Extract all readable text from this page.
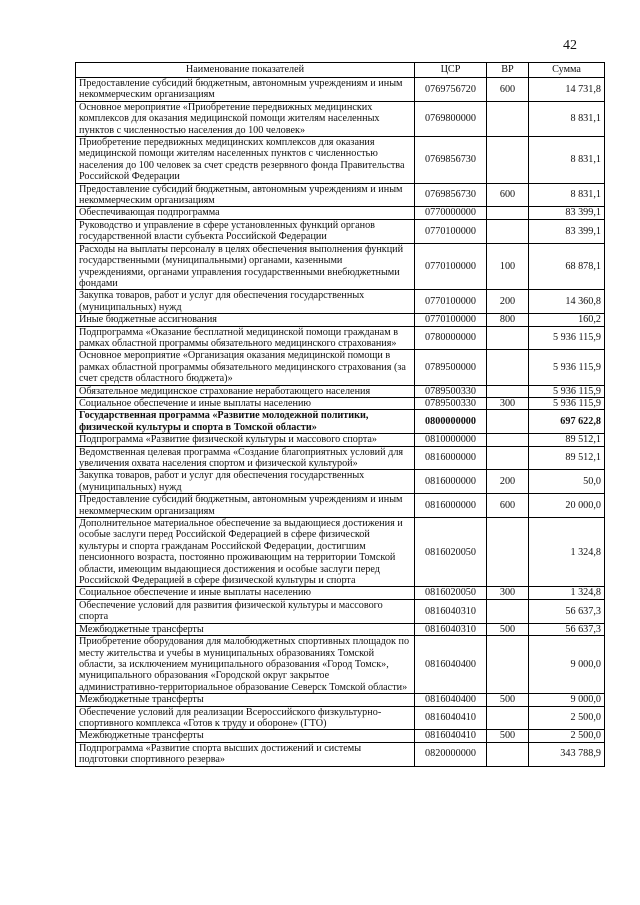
42
Наименование показателей	ЦСР	ВР	Сумма
Предоставление субсидий бюджетным, автономным учреждениям и иным некоммерческим организациям	0769756720	600	14 731,8
Основное мероприятие «Приобретение передвижных медицинских комплексов для оказания медицинской помощи жителям населенных пунктов с численностью населения до 100 человек»	0769800000		8 831,1
Приобретение передвижных медицинских комплексов для оказания медицинской помощи жителям населенных пунктов с численностью населения до 100 человек за счет средств резервного фонда Правительства Российской Федерации	0769856730		8 831,1
Предоставление субсидий бюджетным, автономным учреждениям и иным некоммерческим организациям	0769856730	600	8 831,1
Обеспечивающая подпрограмма	0770000000		83 399,1
Руководство и управление в сфере установленных функций органов государственной власти субъекта Российской Федерации	0770100000		83 399,1
Расходы на выплаты персоналу в целях обеспечения выполнения функций государственными (муниципальными) органами, казенными учреждениями, органами управления государственными внебюджетными фондами	0770100000	100	68 878,1
Закупка товаров, работ и услуг для обеспечения государственных (муниципальных) нужд	0770100000	200	14 360,8
Иные бюджетные ассигнования	0770100000	800	160,2
Подпрограмма «Оказание бесплатной медицинской помощи гражданам в рамках областной программы обязательного медицинского страхования»	0780000000		5 936 115,9
Основное мероприятие «Организация оказания медицинской помощи в рамках областной программы обязательного медицинского страхования (за счет средств областного бюджета)»	0789500000		5 936 115,9
Обязательное медицинское страхование неработающего населения	0789500330		5 936 115,9
Социальное обеспечение и иные выплаты населению	0789500330	300	5 936 115,9
Государственная программа «Развитие молодежной политики, физической культуры и спорта в Томской области»	0800000000		697 622,8
Подпрограмма «Развитие физической культуры и массового спорта»	0810000000		89 512,1
Ведомственная целевая программа «Создание благоприятных условий для увеличения охвата населения спортом и физической культурой»	0816000000		89 512,1
Закупка товаров, работ и услуг для обеспечения государственных (муниципальных) нужд	0816000000	200	50,0
Предоставление субсидий бюджетным, автономным учреждениям и иным некоммерческим организациям	0816000000	600	20 000,0
Дополнительное материальное обеспечение за выдающиеся достижения и особые заслуги перед Российской Федерацией в сфере физической культуры и спорта гражданам Российской Федерации, достигшим пенсионного возраста, постоянно проживающим на территории Томской области, имеющим выдающиеся достижения и особые заслуги перед Российской Федерацией в сфере физической культуры и спорта	0816020050		1 324,8
Социальное обеспечение и иные выплаты населению	0816020050	300	1 324,8
Обеспечение условий для развития физической культуры и массового спорта	0816040310		56 637,3
Межбюджетные трансферты	0816040310	500	56 637,3
Приобретение оборудования для малобюджетных спортивных площадок по месту жительства и учебы в муниципальных образованиях Томской области, за исключением муниципального образования «Город Томск», муниципального образования «Городской округ закрытое административно-территориальное образование Северск Томской области»	0816040400		9 000,0
Межбюджетные трансферты	0816040400	500	9 000,0
Обеспечение условий для реализации Всероссийского физкультурно-спортивного комплекса «Готов к труду и обороне» (ГТО)	0816040410		2 500,0
Межбюджетные трансферты	0816040410	500	2 500,0
Подпрограмма «Развитие спорта высших достижений и системы подготовки спортивного резерва»	0820000000		343 788,9
